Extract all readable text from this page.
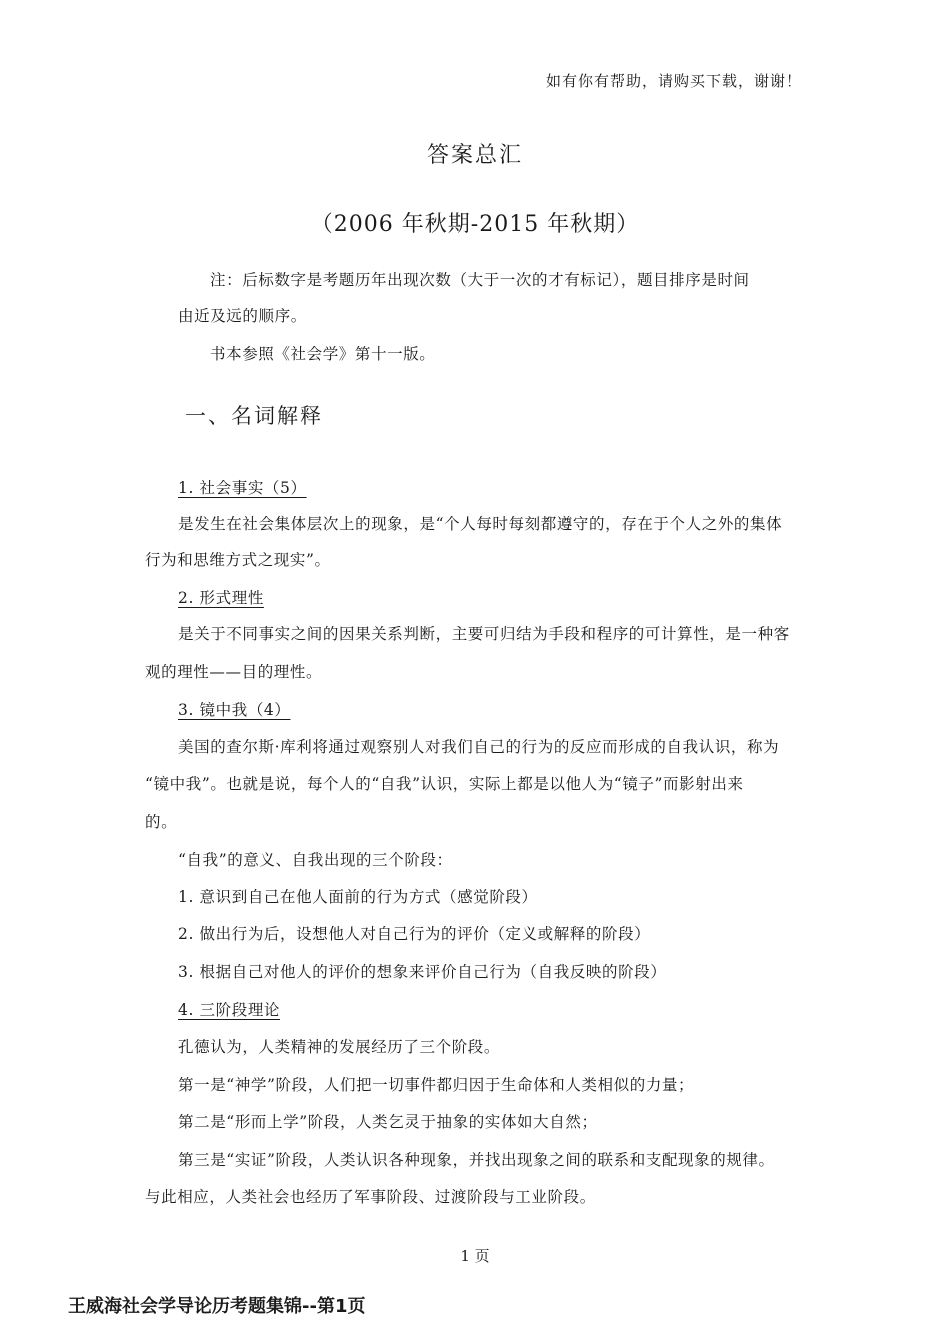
如有你有帮助，请购买下载，谢谢！
答案总汇
（2006 年秋期-2015 年秋期）
注：后标数字是考题历年出现次数（大于一次的才有标记），题目排序是时间
由近及远的顺序。
书本参照《社会学》第十一版。
一、名词解释
1. 社会事实（5）
是发生在社会集体层次上的现象，是“个人每时每刻都遵守的，存在于个人之外的集体
行为和思维方式之现实”。
2. 形式理性
是关于不同事实之间的因果关系判断，主要可归结为手段和程序的可计算性，是一种客
观的理性——目的理性。
3. 镜中我（4）
美国的查尔斯·库利将通过观察别人对我们自己的行为的反应而形成的自我认识，称为
“镜中我”。也就是说，每个人的“自我”认识，实际上都是以他人为“镜子”而影射出来
的。
“自我”的意义、自我出现的三个阶段：
1. 意识到自己在他人面前的行为方式（感觉阶段）
2. 做出行为后，设想他人对自己行为的评价（定义或解释的阶段）
3. 根据自己对他人的评价的想象来评价自己行为（自我反映的阶段）
4. 三阶段理论
孔德认为，人类精神的发展经历了三个阶段。
第一是“神学”阶段，人们把一切事件都归因于生命体和人类相似的力量；
第二是“形而上学”阶段，人类乞灵于抽象的实体如大自然；
第三是“实证”阶段，人类认识各种现象，并找出现象之间的联系和支配现象的规律。
与此相应，人类社会也经历了军事阶段、过渡阶段与工业阶段。
1 页
王威海社会学导论历考题集锦--第1页
